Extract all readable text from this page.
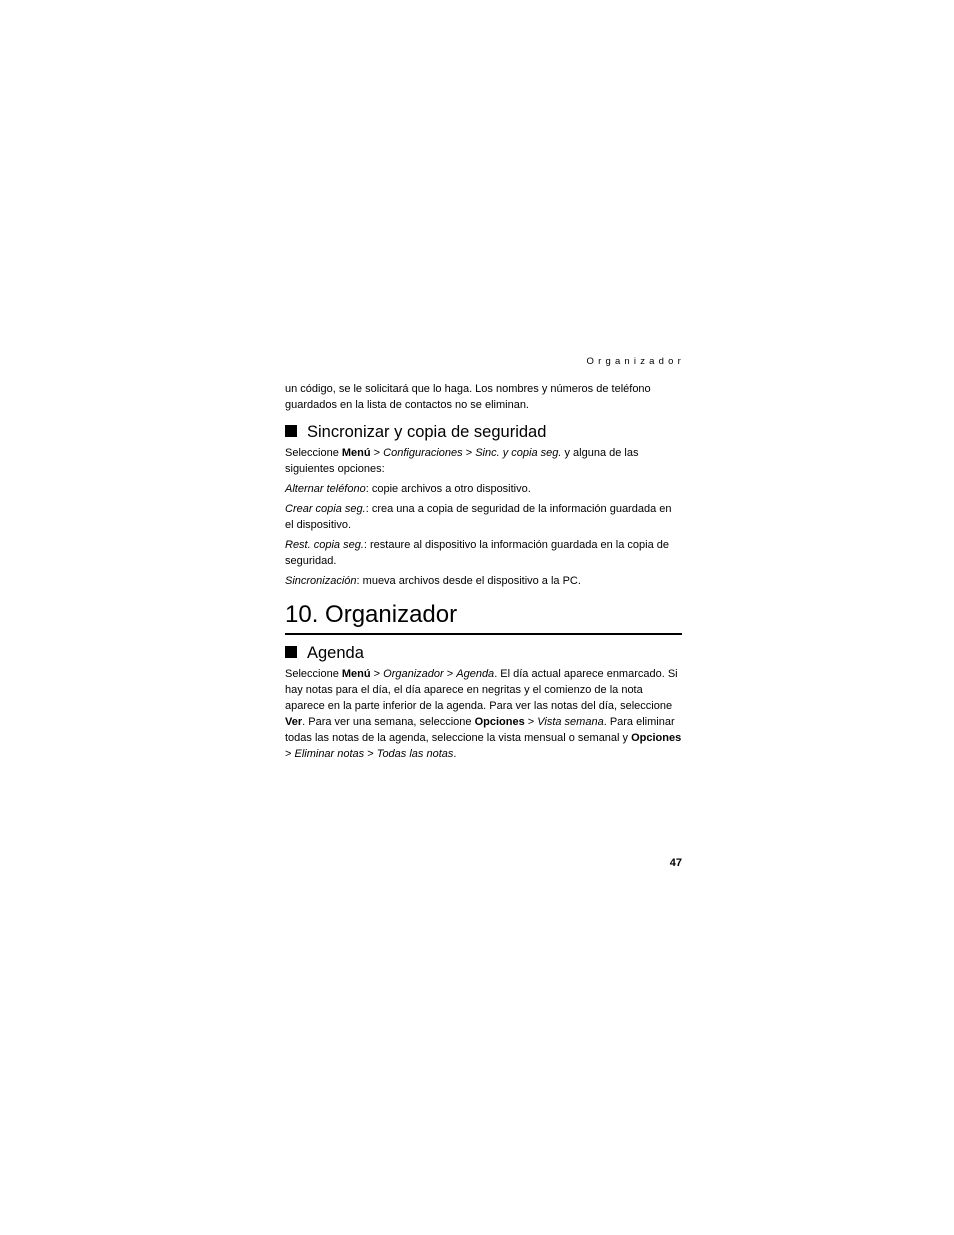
Organizador

un código, se le solicitará que lo haga. Los nombres y números de teléfono guardados en la lista de contactos no se eliminan.

Sincronizar y copia de seguridad

Seleccione Menú > Configuraciones > Sinc. y copia seg. y alguna de las siguientes opciones:

Alternar teléfono: copie archivos a otro dispositivo.

Crear copia seg.: crea una a copia de seguridad de la información guardada en el dispositivo.

Rest. copia seg.: restaure al dispositivo la información guardada en la copia de seguridad.

Sincronización: mueva archivos desde el dispositivo a la PC.

10. Organizador
Agenda

Seleccione Menú > Organizador > Agenda. El día actual aparece enmarcado. Si hay notas para el día, el día aparece en negritas y el comienzo de la nota aparece en la parte inferior de la agenda. Para ver las notas del día, seleccione Ver. Para ver una semana, seleccione Opciones > Vista semana. Para eliminar todas las notas de la agenda, seleccione la vista mensual o semanal y Opciones > Eliminar notas > Todas las notas.

47
